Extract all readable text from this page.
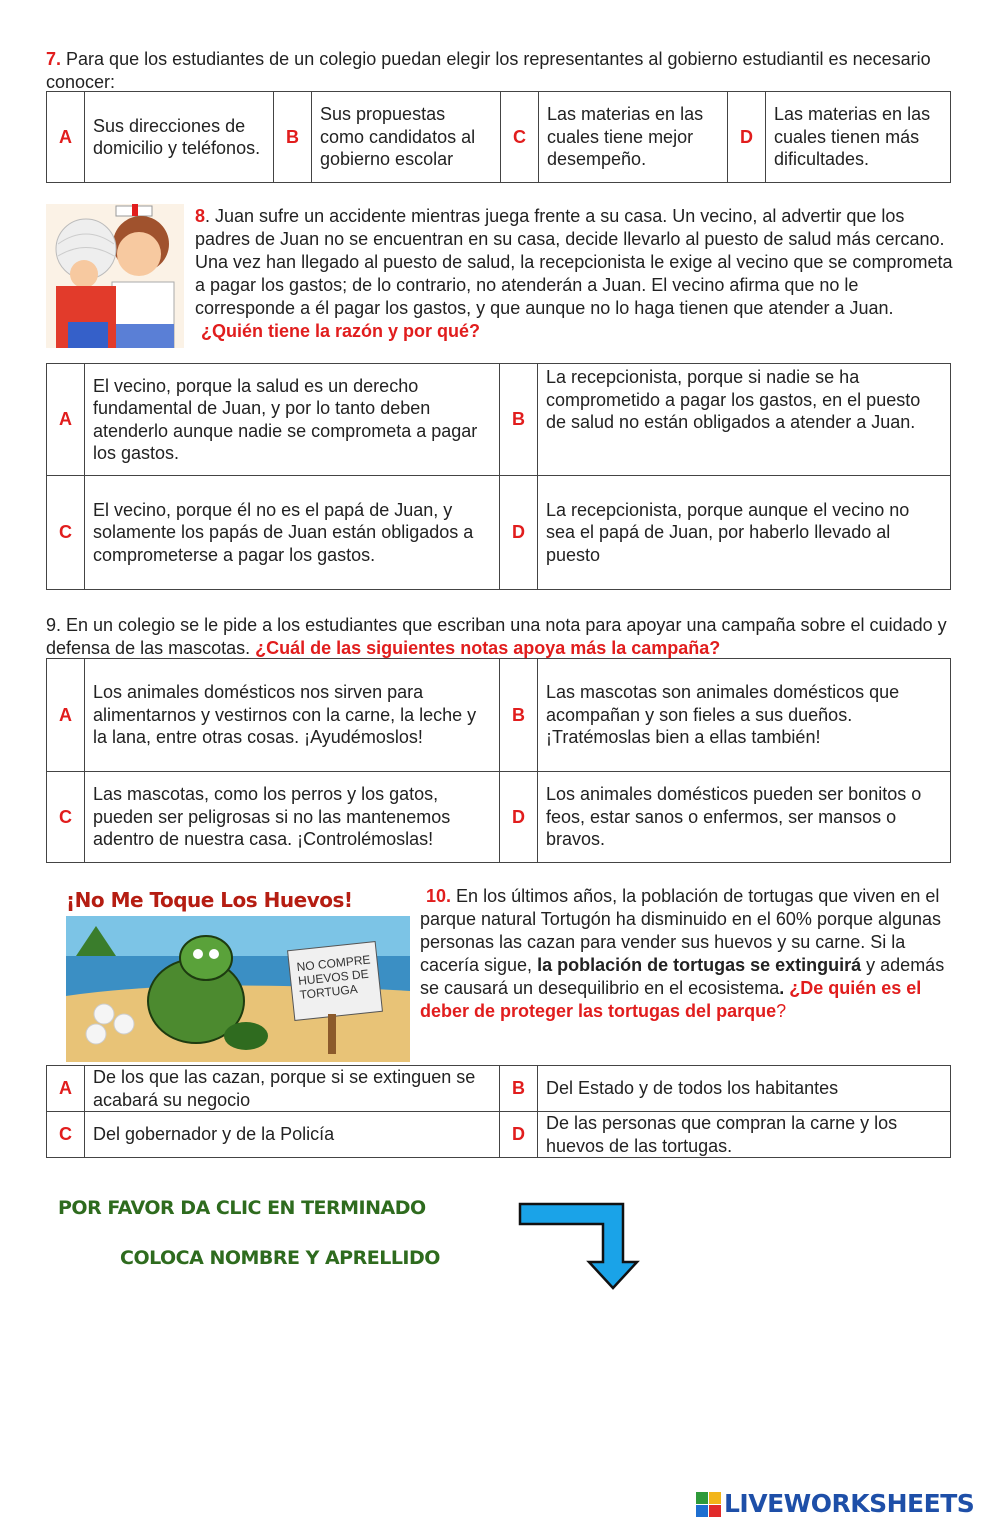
7. Para que los estudiantes de un colegio puedan elegir los representantes al gobierno estudiantil es necesario conocer:
A	Sus direcciones de domicilio y teléfonos.	B	Sus propuestas como candidatos al gobierno escolar	C	Las materias en las cuales tiene mejor desempeño.	D	Las materias en las cuales tienen más dificultades.
8. Juan sufre un accidente mientras juega frente a su casa. Un vecino, al advertir que los padres de Juan no se encuentran en su casa, decide llevarlo al puesto de salud más cercano. Una vez han llegado al puesto de salud, la recepcionista le exige al vecino que se comprometa a pagar los gastos; de lo contrario, no atenderán a Juan. El vecino afirma que no le corresponde a él pagar los gastos, y que aunque no lo haga tienen que atender a Juan. ¿Quién tiene la razón y por qué?
A	El vecino, porque la salud es un derecho fundamental de Juan, y por lo tanto deben atenderlo aunque nadie se comprometa a pagar los gastos.	B	La recepcionista, porque si nadie se ha comprometido a pagar los gastos, en el puesto de salud no están obligados a atender a Juan.
C	El vecino, porque él no es el papá de Juan, y solamente los papás de Juan están obligados a comprometerse a pagar los gastos.	D	La recepcionista, porque aunque el vecino no sea el papá de Juan, por haberlo llevado al puesto
9. En un colegio se le pide a los estudiantes que escriban una nota para apoyar una campaña sobre el cuidado y defensa de las mascotas. ¿Cuál de las siguientes notas apoya más la campaña?
A	Los animales domésticos nos sirven para alimentarnos y vestirnos con la carne, la leche y la lana, entre otras cosas. ¡Ayudémoslos!	B	Las mascotas son animales domésticos que acompañan y son fieles a sus dueños. ¡Tratémoslas bien a ellas también!
C	Las mascotas, como los perros y los gatos, pueden ser peligrosas si no las mantenemos adentro de nuestra casa. ¡Controlémoslas!	D	Los animales domésticos pueden ser bonitos o feos, estar sanos o enfermos, ser mansos o bravos.
¡No Me Toque Los Huevos!
NO COMPRE HUEVOS DE TORTUGA
10. En los últimos años, la población de tortugas que viven en el parque natural Tortugón ha disminuido en el 60% porque algunas personas las cazan para vender sus huevos y su carne. Si la cacería sigue, la población de tortugas se extinguirá y además se causará un desequilibrio en el ecosistema. ¿De quién es el deber de proteger las tortugas del parque?
A	De los que las cazan, porque si se extinguen se acabará su negocio	B	Del Estado y de todos los habitantes
C	Del gobernador y de la Policía	D	De las personas que compran la carne y los huevos de las tortugas.
POR FAVOR DA CLIC EN TERMINADO
COLOCA NOMBRE Y APRELLIDO
LIVEWORKSHEETS
